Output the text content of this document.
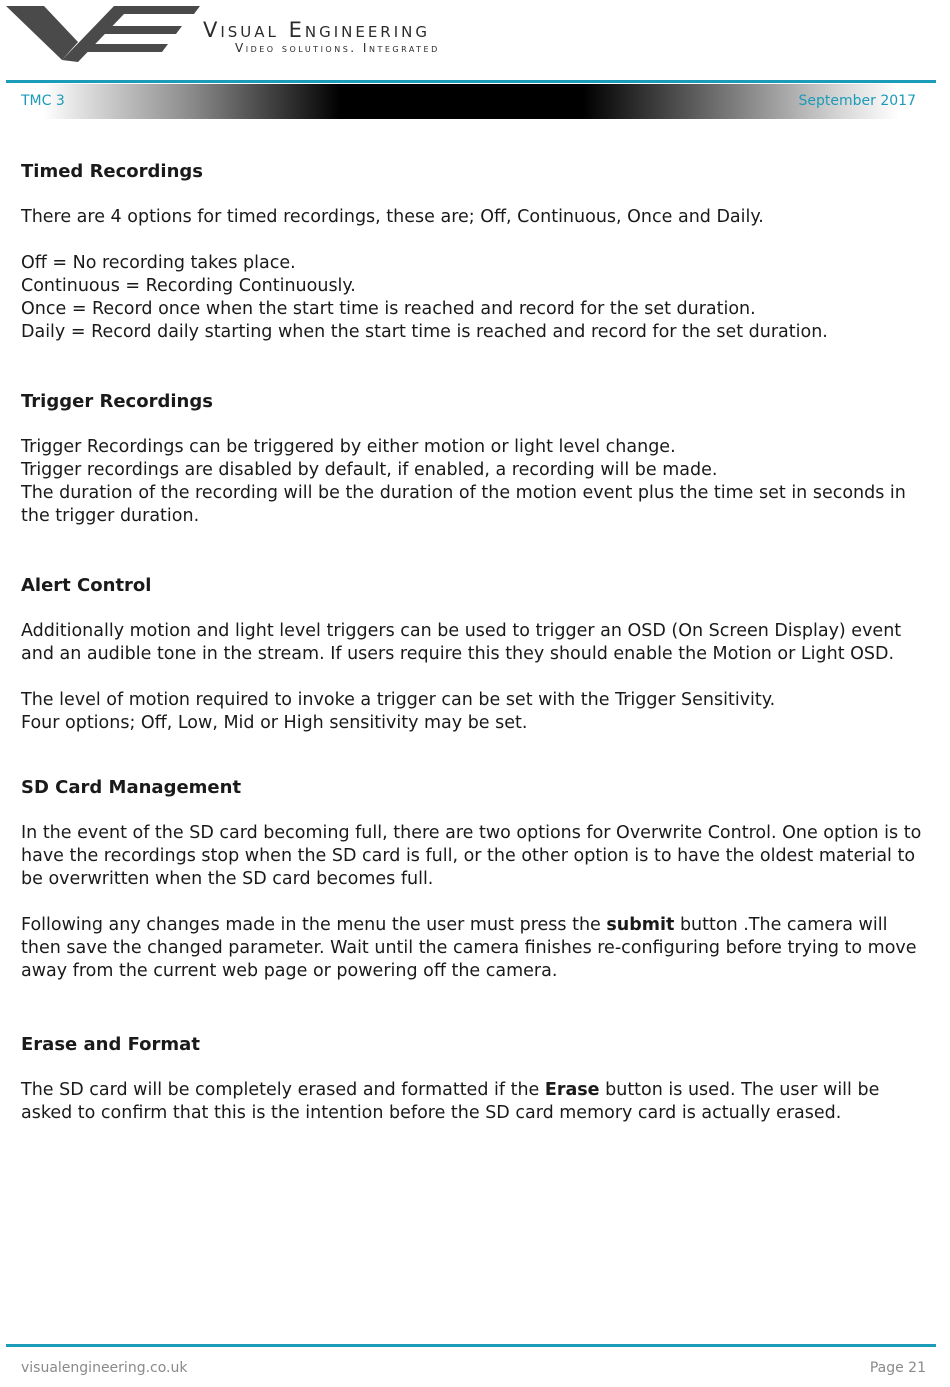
Visual Engineering
Video solutions. Integrated
TMC 3	September 2017
Timed Recordings

There are 4 options for timed recordings, these are; Off, Continuous, Once and Daily.

Off = No recording takes place.

Continuous = Recording Continuously.

Once = Record once when the start time is reached and record for the set duration.

Daily = Record daily starting when the start time is reached and record for the set duration.

Trigger Recordings

Trigger Recordings can be triggered by either motion or light level change.

Trigger recordings are disabled by default, if enabled, a recording will be made.

The duration of the recording will be the duration of the motion event plus the time set in seconds in the trigger duration.

Alert Control

Additionally motion and light level triggers can be used to trigger an OSD (On Screen Display) event and an audible tone in the stream. If users require this they should enable the Motion or Light OSD.

The level of motion required to invoke a trigger can be set with the Trigger Sensitivity.

Four options; Off, Low, Mid or High sensitivity may be set.

SD Card Management

In the event of the SD card becoming full, there are two options for Overwrite Control. One option is to have the recordings stop when the SD card is full, or the other option is to have the oldest material to be overwritten when the SD card becomes full.

Following any changes made in the menu the user must press the submit button .The camera will then save the changed parameter. Wait until the camera finishes re-configuring before trying to move away from the current web page or powering off the camera.

Erase and Format

The SD card will be completely erased and formatted if the Erase button is used. The user will be asked to confirm that this is the intention before the SD card memory card is actually erased.

visualengineering.co.uk	Page 21
